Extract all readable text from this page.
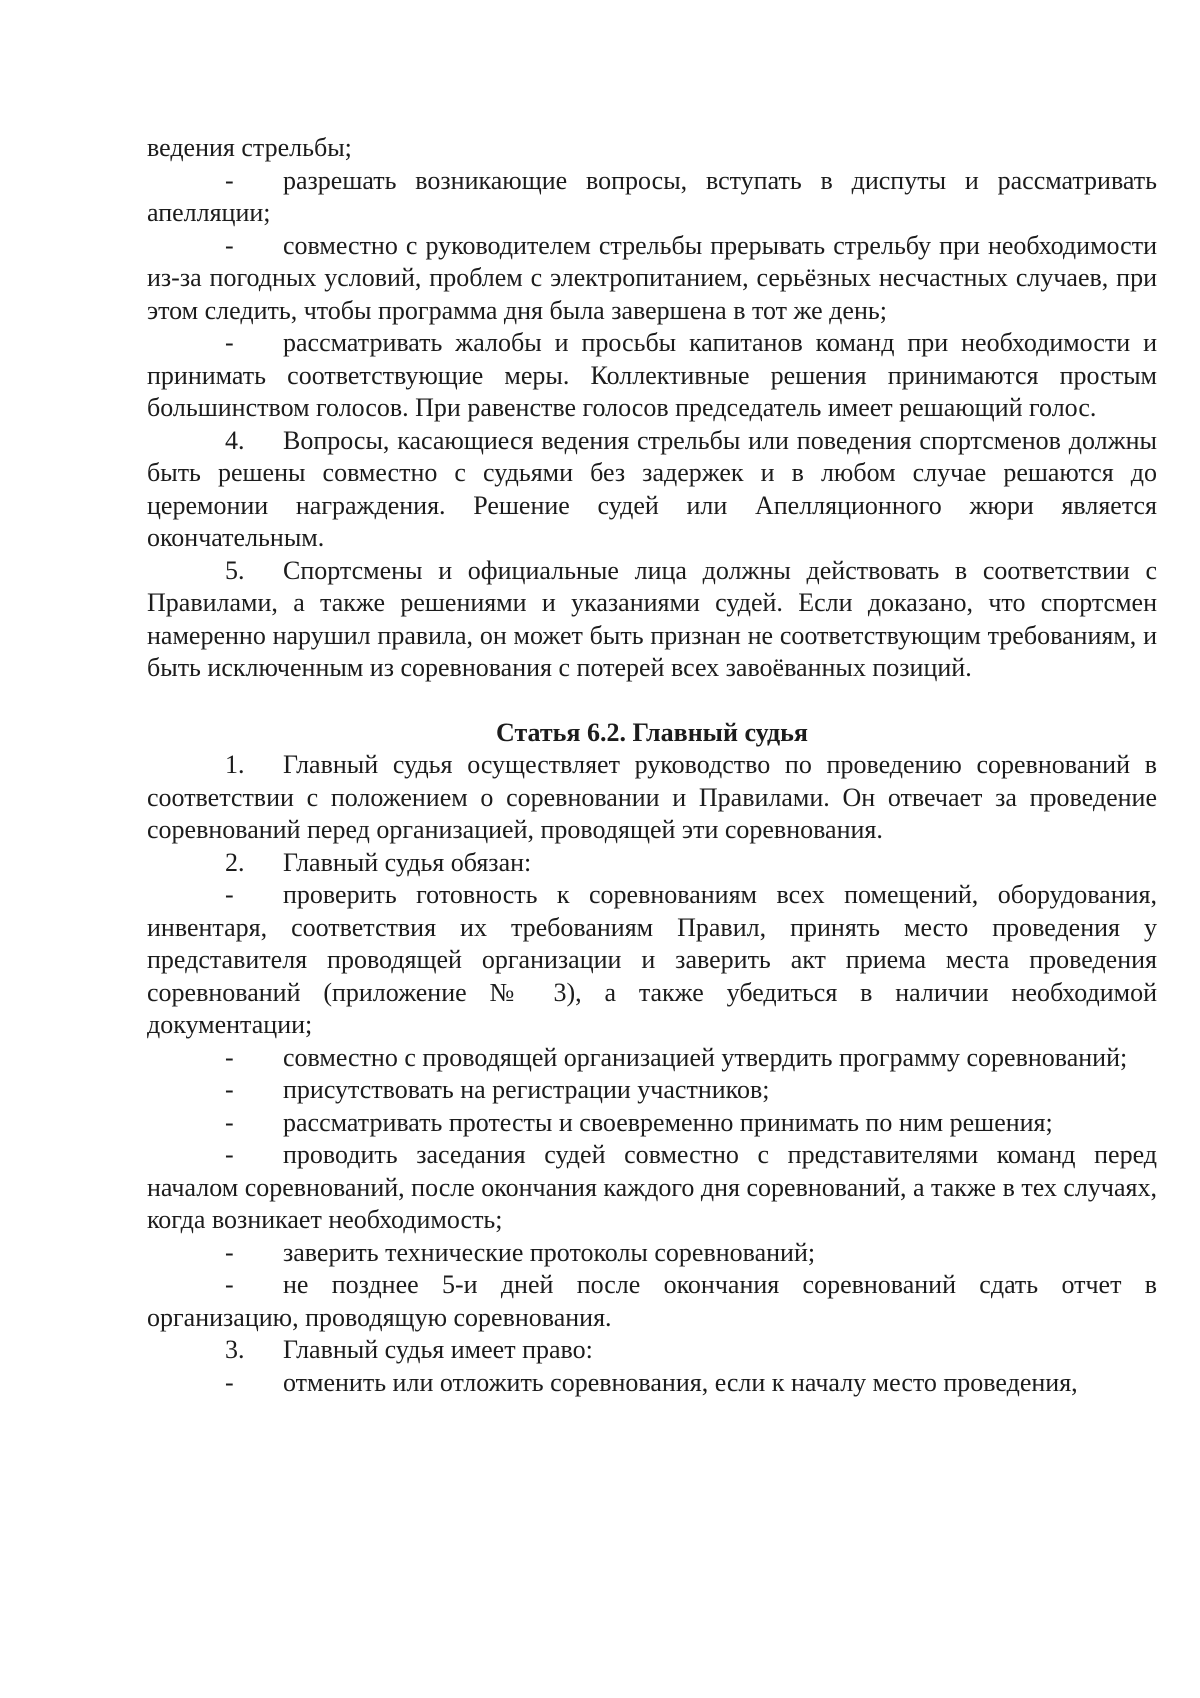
ведения стрельбы;

- разрешать возникающие вопросы, вступать в диспуты и рассматривать апелляции;

- совместно с руководителем стрельбы прерывать стрельбу при необходимости из-за погодных условий, проблем с электропитанием, серьёзных несчастных случаев, при этом следить, чтобы программа дня была завершена в тот же день;

- рассматривать жалобы и просьбы капитанов команд при необходимости и принимать соответствующие меры. Коллективные решения принимаются простым большинством голосов. При равенстве голосов председатель имеет решающий голос.

4. Вопросы, касающиеся ведения стрельбы или поведения спортсменов должны быть решены совместно с судьями без задержек и в любом случае решаются до церемонии награждения. Решение судей или Апелляционного жюри является окончательным.

5. Спортсмены и официальные лица должны действовать в соответствии с Правилами, а также решениями и указаниями судей. Если доказано, что спортсмен намеренно нарушил правила, он может быть признан не соответствующим требованиям, и быть исключенным из соревнования с потерей всех завоёванных позиций.

Статья 6.2. Главный судья

1. Главный судья осуществляет руководство по проведению соревнований в соответствии с положением о соревновании и Правилами. Он отвечает за проведение соревнований перед организацией, проводящей эти соревнования.

2. Главный судья обязан:

- проверить готовность к соревнованиям всех помещений, оборудования, инвентаря, соответствия их требованиям Правил, принять место проведения у представителя проводящей организации и заверить акт приема места проведения соревнований (приложение № 3), а также убедиться в наличии необходимой документации;

- совместно с проводящей организацией утвердить программу соревнований;

- присутствовать на регистрации участников;

- рассматривать протесты и своевременно принимать по ним решения;

- проводить заседания судей совместно с представителями команд перед началом соревнований, после окончания каждого дня соревнований, а также в тех случаях, когда возникает необходимость;

- заверить технические протоколы соревнований;

- не позднее 5-и дней после окончания соревнований сдать отчет в организацию, проводящую соревнования.

3. Главный судья имеет право:

- отменить или отложить соревнования, если к началу место проведения,
